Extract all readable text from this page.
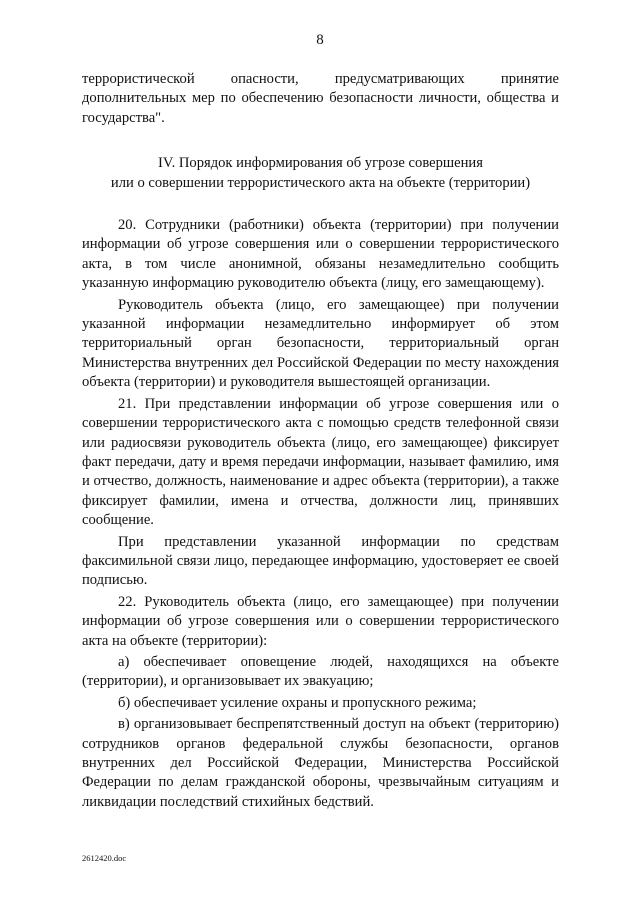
8

террористической опасности, предусматривающих принятие дополнительных мер по обеспечению безопасности личности, общества и государства".

IV. Порядок информирования об угрозе совершения
или о совершении террористического акта на объекте (территории)

20. Сотрудники (работники) объекта (территории) при получении информации об угрозе совершения или о совершении террористического акта, в том числе анонимной, обязаны незамедлительно сообщить указанную информацию руководителю объекта (лицу, его замещающему).

Руководитель объекта (лицо, его замещающее) при получении указанной информации незамедлительно информирует об этом территориальный орган безопасности, территориальный орган Министерства внутренних дел Российской Федерации по месту нахождения объекта (территории) и руководителя вышестоящей организации.

21. При представлении информации об угрозе совершения или о совершении террористического акта с помощью средств телефонной связи или радиосвязи руководитель объекта (лицо, его замещающее) фиксирует факт передачи, дату и время передачи информации, называет фамилию, имя и отчество, должность, наименование и адрес объекта (территории), а также фиксирует фамилии, имена и отчества, должности лиц, принявших сообщение.

При представлении указанной информации по средствам факсимильной связи лицо, передающее информацию, удостоверяет ее своей подписью.

22. Руководитель объекта (лицо, его замещающее) при получении информации об угрозе совершения или о совершении террористического акта на объекте (территории):

а) обеспечивает оповещение людей, находящихся на объекте (территории), и организовывает их эвакуацию;

б) обеспечивает усиление охраны и пропускного режима;

в) организовывает беспрепятственный доступ на объект (территорию) сотрудников органов федеральной службы безопасности, органов внутренних дел Российской Федерации, Министерства Российской Федерации по делам гражданской обороны, чрезвычайным ситуациям и ликвидации последствий стихийных бедствий.

2612420.doc
